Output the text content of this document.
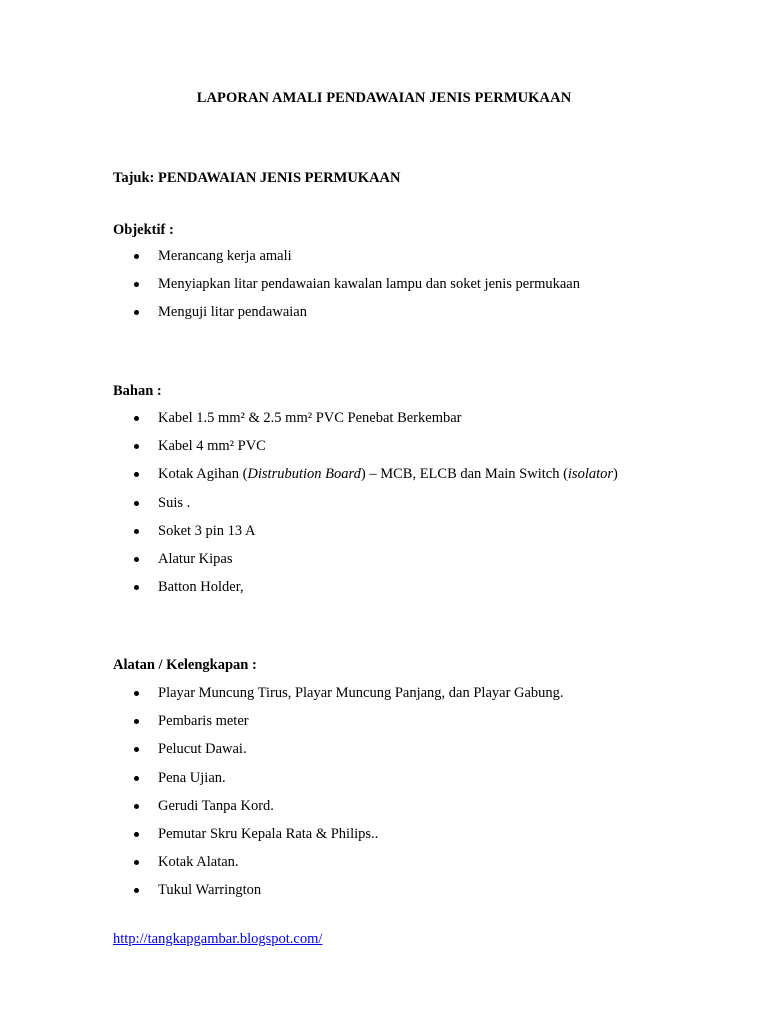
LAPORAN AMALI PENDAWAIAN JENIS PERMUKAAN
Tajuk: PENDAWAIAN JENIS PERMUKAAN
Objektif :
Merancang kerja amali
Menyiapkan litar pendawaian kawalan lampu dan soket jenis permukaan
Menguji litar pendawaian
Bahan :
Kabel 1.5 mm² & 2.5 mm² PVC Penebat Berkembar
Kabel 4 mm² PVC
Kotak Agihan (Distrubution Board) – MCB, ELCB dan Main Switch (isolator)
Suis .
Soket 3 pin 13 A
Alatur Kipas
Batton Holder,
Alatan / Kelengkapan :
Playar Muncung Tirus, Playar Muncung Panjang, dan Playar Gabung.
Pembaris meter
Pelucut Dawai.
Pena Ujian.
Gerudi Tanpa Kord.
Pemutar Skru Kepala Rata & Philips..
Kotak Alatan.
Tukul Warrington
http://tangkapgambar.blogspot.com/
